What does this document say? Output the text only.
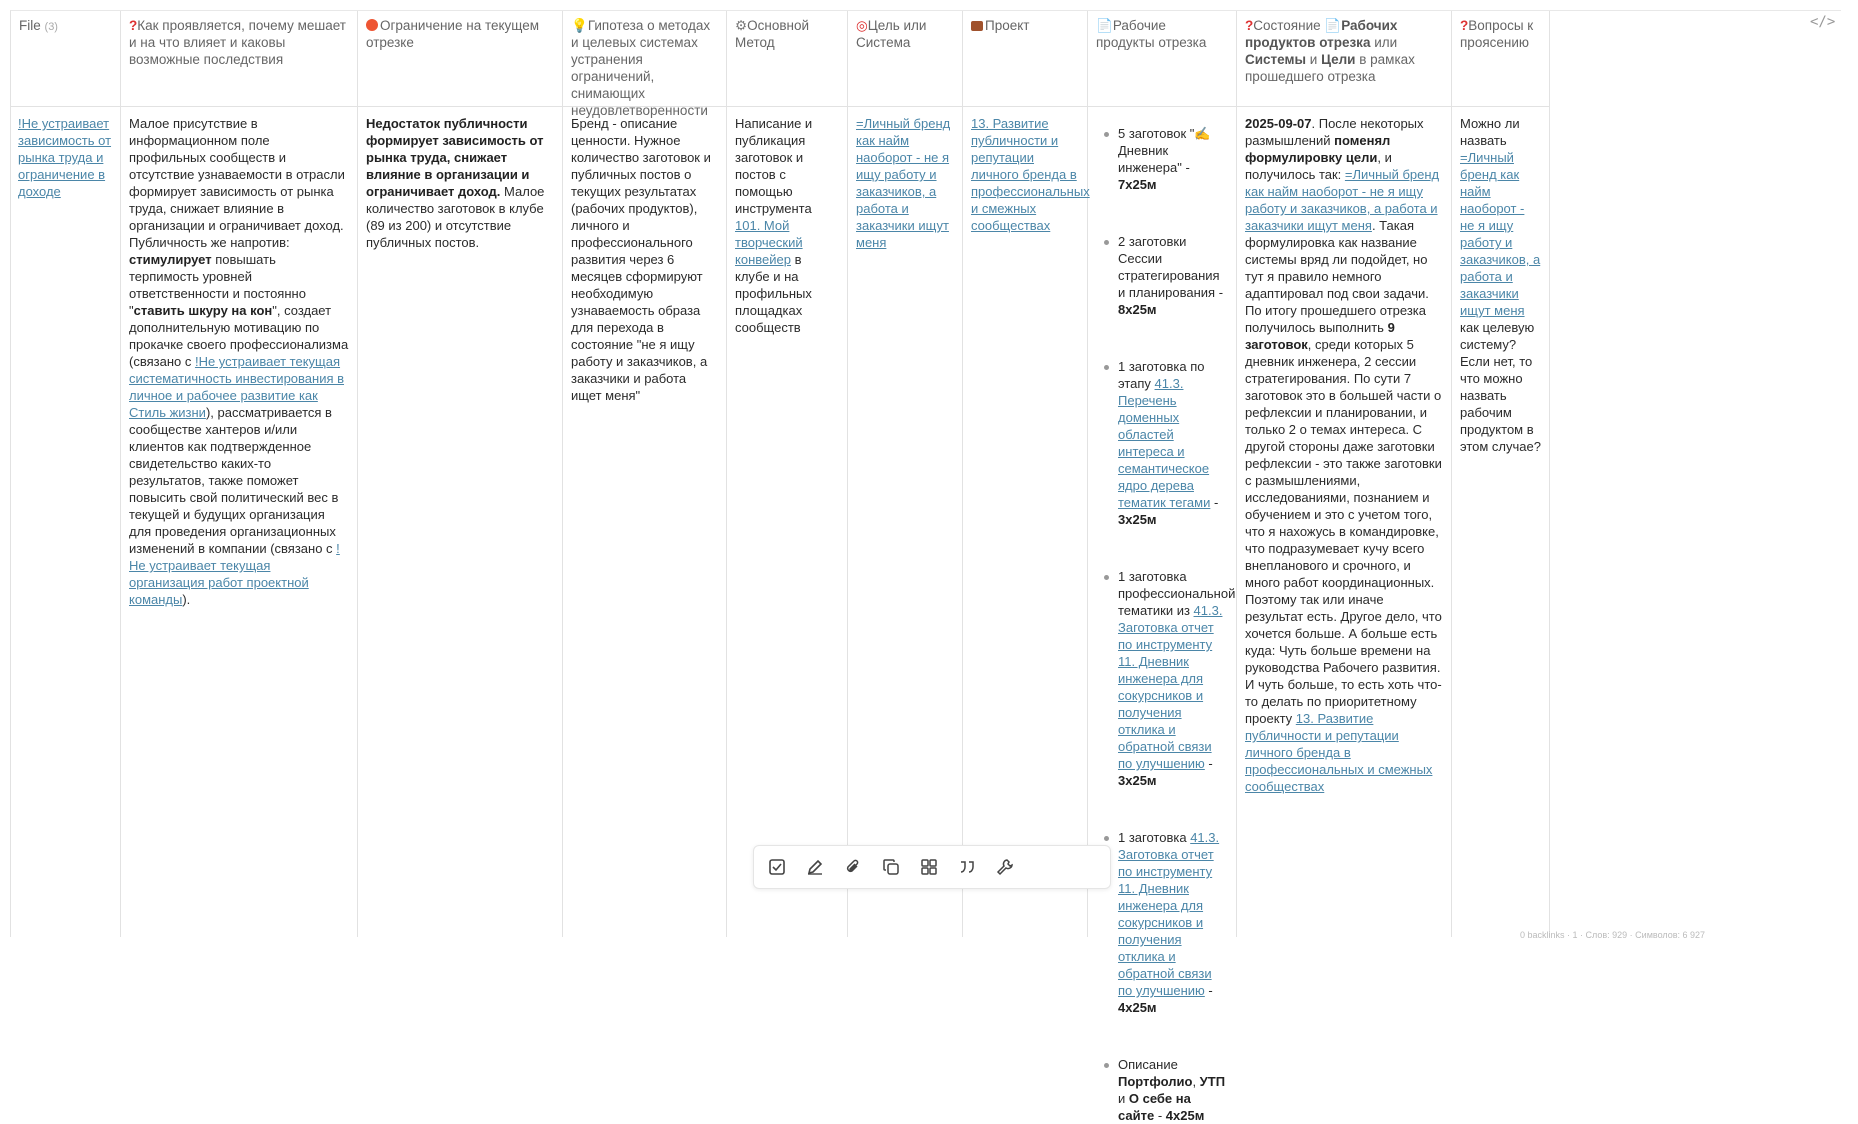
File (3)
!Не устраивает зависимость от рынка труда и ограничение в доходе
?Как проявляется, почему мешает и на что влияет и каковы возможные последствия
Малое присутствие в информационном поле профильных сообществ и отсутствие узнаваемости в отрасли формирует зависимость от рынка труда, снижает влияние в организации и ограничивает доход. Публичность же напротив: стимулирует повышать терпимость уровней ответственности и постоянно "ставить шкуру на кон", создает дополнительную мотивацию по прокачке своего профессионализма (связано с !Не устраивает текущая систематичность инвестирования в личное и рабочее развитие как Стиль жизни), рассматривается в сообществе хантеров и/или клиентов как подтвержденное свидетельство каких-то результатов, также поможет повысить свой политический вес в текущей и будущих организация для проведения организационных изменений в компании (связано с !Не устраивает текущая организация работ проектной команды).
Ограничение на текущем отрезке
Недостаток публичности формирует зависимость от рынка труда, снижает влияние в организации и ограничивает доход. Малое количество заготовок в клубе (89 из 200) и отсутствие публичных постов.
💡Гипотеза о методах и целевых системах устранения ограничений, снимающих неудовлетворенности
Бренд - описание ценности. Нужное количество заготовок и публичных постов о текущих результатах (рабочих продуктов), личного и профессионального развития через 6 месяцев сформируют необходимую узнаваемость образа для перехода в состояние "не я ищу работу и заказчиков, а заказчики и работа ищет меня"
⚙Основной Метод
Написание и публикация заготовок и постов с помощью инструмента 101. Мой творческий конвейер в клубе и на профильных площадках сообществ
◎Цель или Система
=Личный бренд как найм наоборот - не я ищу работу и заказчиков, а работа и заказчики ищут меня
Проект
13. Развитие публичности и репутации личного бренда в профессиональных и смежных сообществах
📄Рабочие продукты отрезка
5 заготовок "✍ Дневник инженера" - 7x25м
2 заготовки Сессии стратегирования и планирования - 8x25м
1 заготовка по этапу 41.3. Перечень доменных областей интереса и семантическое ядро дерева тематик тегами - 3x25м
1 заготовка профессиональной тематики из 41.3. Заготовка отчет по инструменту 11. Дневник инженера для сокурсников и получения отклика и обратной связи по улучшению - 3x25м
1 заготовка 41.3. Заготовка отчет по инструменту 11. Дневник инженера для сокурсников и получения отклика и обратной связи по улучшению - 4x25м
Описание Портфолио, УТП и О себе на сайте - 4x25м
?Состояние 📄Рабочих продуктов отрезка или Системы и Цели в рамках прошедшего отрезка
2025-09-07. После некоторых размышлений поменял формулировку цели, и получилось так: =Личный бренд как найм наоборот - не я ищу работу и заказчиков, а работа и заказчики ищут меня. Такая формулировка как название системы вряд ли подойдет, но тут я правило немного адаптировал под свои задачи. По итогу прошедшего отрезка получилось выполнить 9 заготовок, среди которых 5 дневник инженера, 2 сессии стратегирования. По сути 7 заготовок это в большей части о рефлексии и планировании, и только 2 о темах интереса. С другой стороны даже заготовки рефлексии - это также заготовки с размышлениями, исследованиями, познанием и обучением и это с учетом того, что я нахожусь в командировке, что подразумевает кучу всего внепланового и срочного, и много работ координационных. Поэтому так или иначе результат есть. Другое дело, что хочется больше. А больше есть куда: Чуть больше времени на руководства Рабочего развития. И чуть больше, то есть хоть что-то делать по приоритетному проекту 13. Развитие публичности и репутации личного бренда в профессиональных и смежных сообществах
?Вопросы к проясению
Можно ли назвать =Личный бренд как найм наоборот - не я ищу работу и заказчиков, а работа и заказчики ищут меня как целевую систему? Если нет, то что можно назвать рабочим продуктом в этом случае?
</>
0 backlinks · 1 · Слов: 929 · Символов: 6 927
